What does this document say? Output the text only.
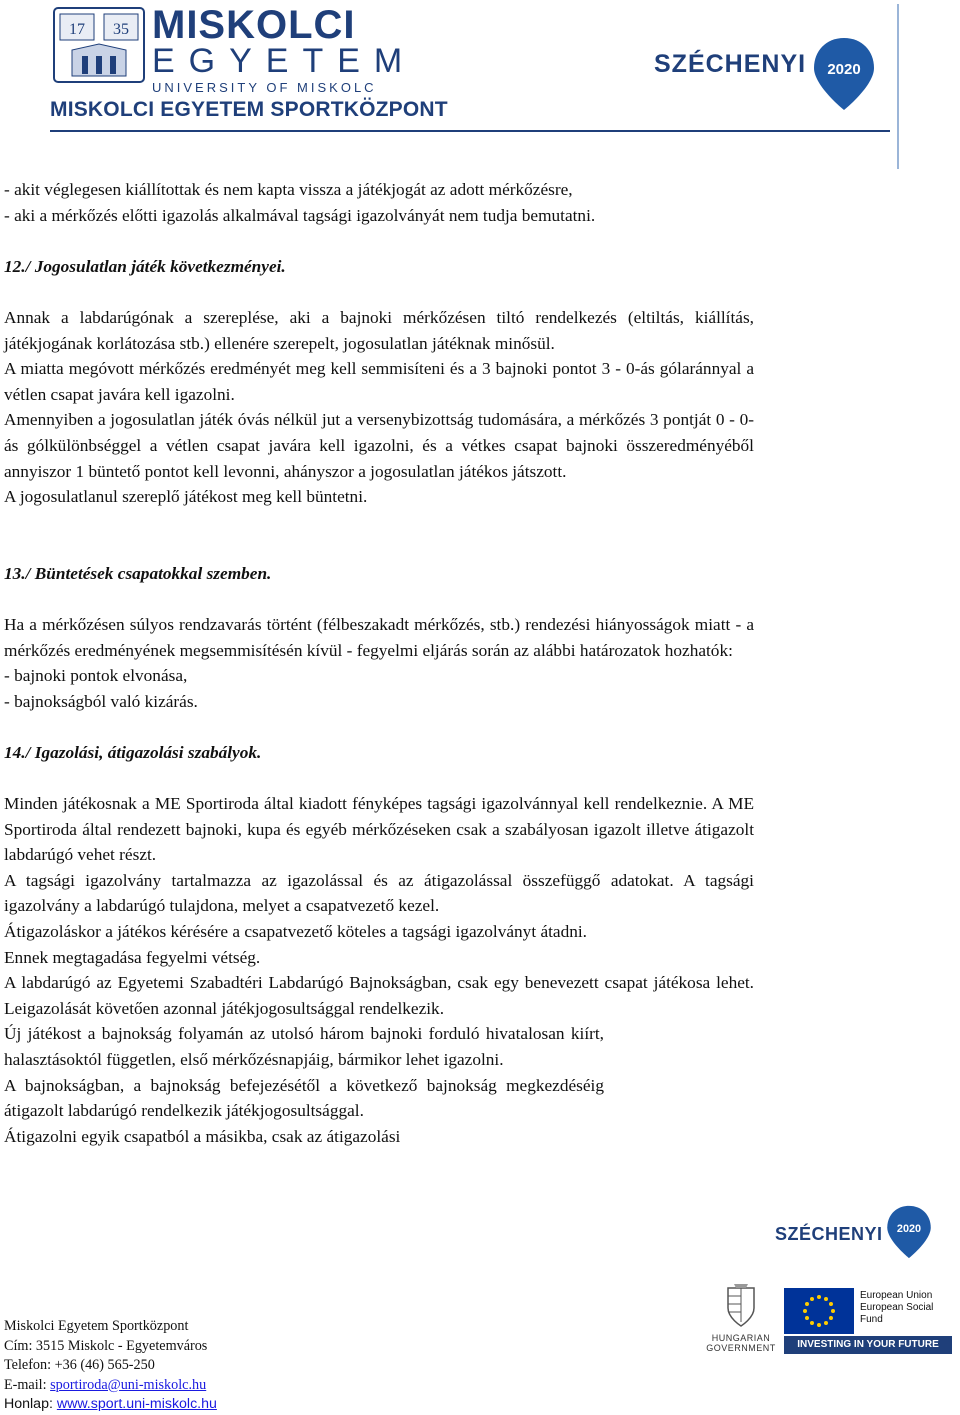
17 35 MISKOLCI
EGYETEM
UNIVERSITY OF MISKOLC
MISKOLCI EGYETEM SPORTKÖZPONT
SZÉCHENYI 2020

- akit véglegesen kiállítottak és nem kapta vissza a játékjogát az adott mérkőzésre,

- aki a mérkőzés előtti igazolás alkalmával tagsági igazolványát nem tudja bemutatni.

12./ Jogosulatlan játék következményei.

Annak a labdarúgónak a szereplése, aki a bajnoki mérkőzésen tiltó rendelkezés (eltiltás, kiállítás, játékjogának korlátozása stb.) ellenére szerepelt, jogosulatlan játéknak minősül.

A miatta megóvott mérkőzés eredményét meg kell semmisíteni és a 3 bajnoki pontot 3 - 0-ás gólaránnyal a vétlen csapat javára kell igazolni.

Amennyiben a jogosulatlan játék óvás nélkül jut a versenybizottság tudomására, a mérkőzés 3 pontját 0 - 0-ás gólkülönbséggel a vétlen csapat javára kell igazolni, és a vétkes csapat bajnoki összeredményéből annyiszor 1 büntető pontot kell levonni, ahányszor a jogosulatlan játékos játszott.

A jogosulatlanul szereplő játékost meg kell büntetni.

13./ Büntetések csapatokkal szemben.

Ha a mérkőzésen súlyos rendzavarás történt (félbeszakadt mérkőzés, stb.) rendezési hiányosságok miatt - a mérkőzés eredményének megsemmisítésén kívül - fegyelmi eljárás során az alábbi határozatok hozhatók:

- bajnoki pontok elvonása,

- bajnokságból való kizárás.

14./ Igazolási, átigazolási szabályok.

Minden játékosnak a ME Sportiroda által kiadott fényképes tagsági igazolvánnyal kell rendelkeznie. A ME Sportiroda által rendezett bajnoki, kupa és egyéb mérkőzéseken csak a szabályosan igazolt illetve átigazolt labdarúgó vehet részt.

A tagsági igazolvány tartalmazza az igazolással és az átigazolással összefüggő adatokat. A tagsági igazolvány a labdarúgó tulajdona, melyet a csapatvezető kezel.

Átigazoláskor a játékos kérésére a csapatvezető köteles a tagsági igazolványt átadni.

Ennek megtagadása fegyelmi vétség.

A labdarúgó az Egyetemi Szabadtéri Labdarúgó Bajnokságban, csak egy benevezett csapat játékosa lehet. Leigazolását követően azonnal játékjogosultsággal rendelkezik.

Új játékost a bajnokság folyamán az utolsó három bajnoki forduló hivatalosan kiírt, halasztásoktól független, első mérkőzésnapjáig, bármikor lehet igazolni.

A bajnokságban, a bajnokság befejezésétől a következő bajnokság megkezdéséig átigazolt labdarúgó rendelkezik játékjogosultsággal.

Átigazolni egyik csapatból a másikba, csak az átigazolási

Miskolci Egyetem Sportközpont
Cím: 3515 Miskolc - Egyetemváros
Telefon: +36 (46) 565-250
E-mail: sportiroda@uni-miskolc.hu
Honlap: www.sport.uni-miskolc.hu
SZÉCHENYI 2020
HUNGARIAN
GOVERNMENT
European Union
European Social
Fund
INVESTING IN YOUR FUTURE
